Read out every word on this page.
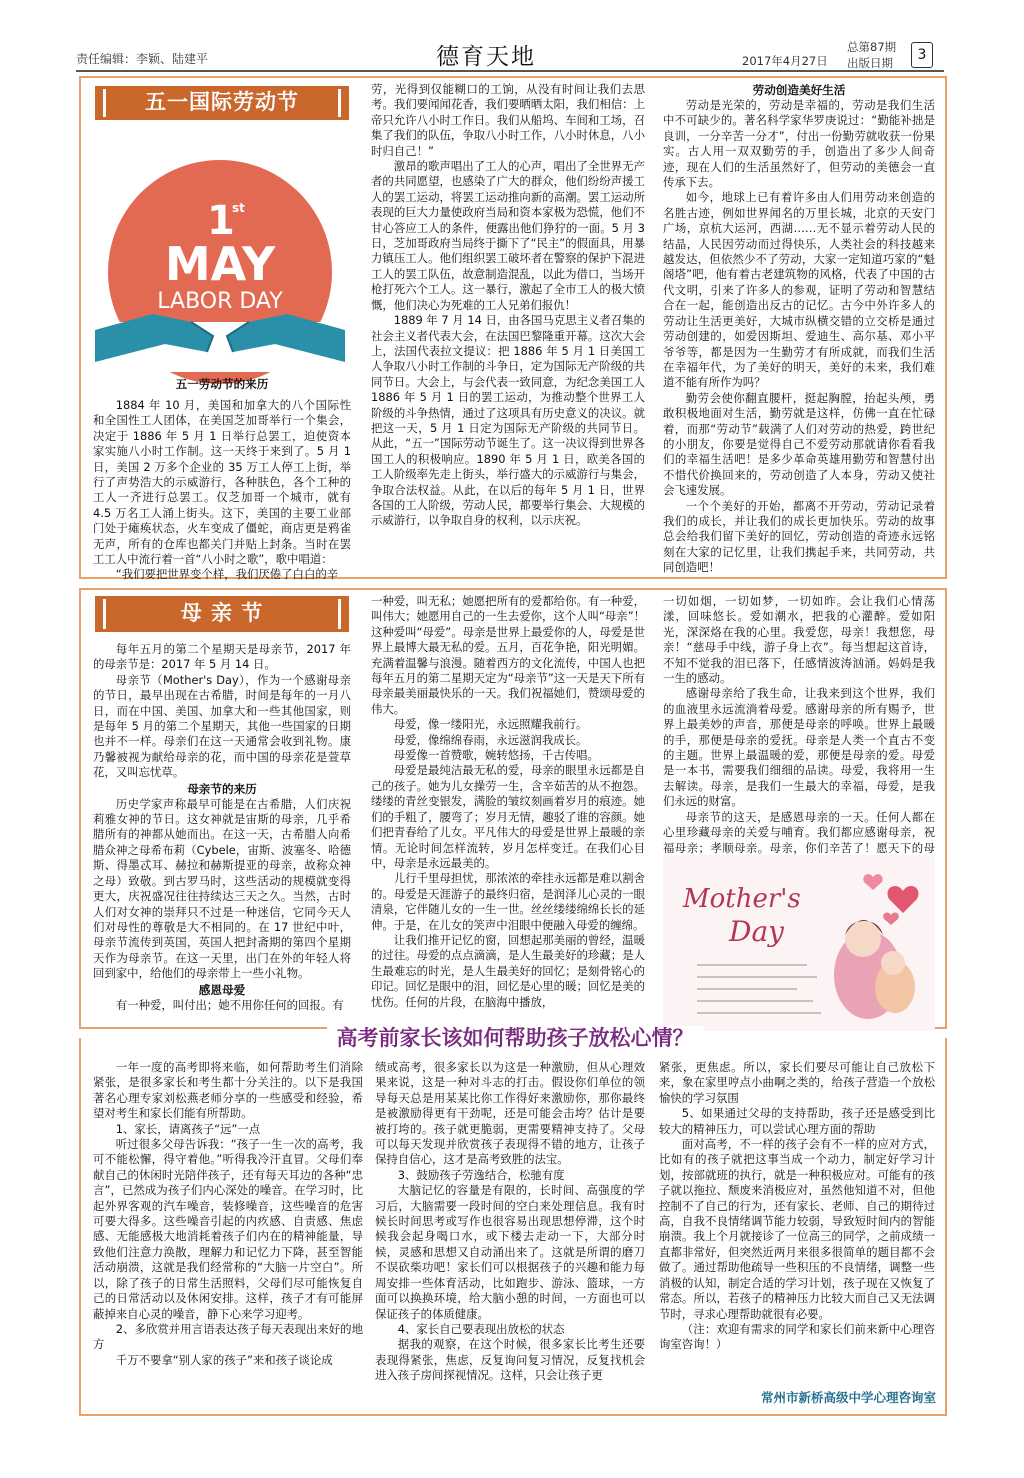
责任编辑：李颖、陆建平	德育天地	2017年4月27日
总第87期
出版日期	3
五一国际劳动节
1
st
MAY
LABOR DAY

五一劳动节的来历

1884 年 10 月，美国和加拿大的八个国际性和全国性工人团体，在美国芝加哥举行一个集会，决定于 1886 年 5 月 1 日举行总罢工，迫使资本家实施八小时工作制。这一天终于来到了。5 月 1 日，美国 2 万多个企业的 35 万工人停工上街，举行了声势浩大的示威游行，各种肤色，各个工种的工人一齐进行总罢工。仅芝加哥一个城市，就有 4.5 万名工人涌上街头。这下，美国的主要工业部门处于瘫痪状态，火车变成了僵蛇，商店更是鸦雀无声，所有的仓库也都关门并贴上封条。当时在罢工工人中流行着一首“八小时之歌”，歌中唱道：

“我们要把世界变个样，我们厌倦了白白的辛

劳，光得到仅能糊口的工饷，从没有时间让我们去思考。我们要闻闻花香，我们要晒晒太阳，我们相信：上帝只允许八小时工作日。我们从船坞、车间和工场，召集了我们的队伍，争取八小时工作，八小时休息，八小时归自己！”

激昂的歌声唱出了工人的心声，唱出了全世界无产者的共同愿望，也感染了广大的群众，他们纷纷声援工人的罢工运动，将罢工运动推向新的高潮。罢工运动所表现的巨大力量使政府当局和资本家极为恐慌，他们不甘心答应工人的条件，便露出他们狰狞的一面。5 月 3 日，芝加哥政府当局终于撕下了“民主”的假面具，用暴力镇压工人。他们组织罢工破坏者在警察的保护下混进工人的罢工队伍，故意制造混乱，以此为借口，当场开枪打死六个工人。这一暴行，激起了全市工人的极大愤慨，他们决心为死难的工人兄弟们报仇！

1889 年 7 月 14 日，由各国马克思主义者召集的社会主义者代表大会，在法国巴黎隆重开幕。这次大会上，法国代表拉文提议：把 1886 年 5 月 1 日美国工人争取八小时工作制的斗争日，定为国际无产阶级的共同节日。大会上，与会代表一致同意，为纪念美国工人 1886 年 5 月 1 日的罢工运动，为推动整个世界工人阶级的斗争热情，通过了这项具有历史意义的决议。就把这一天，5 月 1 日定为国际无产阶级的共同节日。从此，“五一”国际劳动节诞生了。这一决议得到世界各国工人的积极响应。1890 年 5 月 1 日，欧美各国的工人阶级率先走上街头，举行盛大的示威游行与集会，争取合法权益。从此，在以后的每年 5 月 1 日，世界各国的工人阶级，劳动人民，都要举行集会、大规模的示威游行，以争取自身的权利，以示庆祝。

劳动创造美好生活

劳动是光荣的，劳动是幸福的，劳动是我们生活中不可缺少的。著名科学家华罗庚说过：“勤能补拙是良训，一分辛苦一分才”，付出一份勤劳就收获一份果实。古人用一双双勤劳的手，创造出了多少人间奇迹，现在人们的生活虽然好了，但劳动的美德会一直传承下去。

如今，地球上已有着许多由人们用劳动来创造的名胜古迹，例如世界闻名的万里长城，北京的天安门广场，京杭大运河，西湖……无不显示着劳动人民的结晶，人民因劳动而过得快乐，人类社会的科技越来越发达，但依然少不了劳动，大家一定知道巧家的“魁阁塔”吧，他有着古老建筑物的风格，代表了中国的古代文明，引来了许多人的参观，证明了劳动和智慧结合在一起，能创造出反古的记忆。古今中外许多人的劳动让生活更美好，大城市纵横交错的立交桥是通过劳动创建的，如爱因斯坦、爱迪生、高尔基、邓小平爷爷等，都是因为一生勤劳才有所成就，而我们生活在幸福年代，为了美好的明天，美好的未来，我们难道不能有所作为吗？

勤劳会使你翻直腰杆，挺起胸膛，抬起头颅，勇敢积极地面对生活，勤劳就是这样，仿佛一直在忙碌着，而那“劳动节”载满了人们对劳动的热爱，跨世纪的小朋友，你要是觉得自己不爱劳动那就请你看看我们的幸福生活吧！是多少革命英雄用勤劳和智慧付出不惜代价换回来的，劳动创造了人本身，劳动又使社会飞速发展。

一个个美好的开始，都离不开劳动，劳动记录着我们的成长，并让我们的成长更加快乐。劳动的故事总会给我们留下美好的回忆，劳动创造的奇迹永远铭刻在大家的记忆里，让我们携起手来，共同劳动，共同创造吧！

母 亲 节

每年五月的第二个星期天是母亲节，2017 年的母亲节是：2017 年 5 月 14 日。

母亲节（Mother's Day），作为一个感谢母亲的节日，最早出现在古希腊，时间是每年的一月八日，而在中国、美国、加拿大和一些其他国家，则是每年 5 月的第二个星期天，其他一些国家的日期也并不一样。母亲们在这一天通常会收到礼物。康乃馨被视为献给母亲的花，而中国的母亲花是萱草花，又叫忘忧草。

母亲节的来历

历史学家声称最早可能是在古希腊，人们庆祝莉雅女神的节日。这女神就是宙斯的母亲，几乎希腊所有的神都从她而出。在这一天，古希腊人向希腊众神之母希布莉（Cybele，宙斯、波塞冬、哈德斯、得墨忒耳、赫拉和赫斯提亚的母亲，故称众神之母）致敬。到古罗马时，这些活动的规模就变得更大，庆祝盛况往往持续达三天之久。当然，古时人们对女神的崇拜只不过是一种迷信，它同今天人们对母性的尊敬是大不相同的。在 17 世纪中叶，母亲节流传到英国，英国人把封斋期的第四个星期天作为母亲节。在这一天里，出门在外的年轻人将回到家中，给他们的母亲带上一些小礼物。

感恩母爱

有一种爱，叫付出；她不用你任何的回报。有

一种爱，叫无私；她愿把所有的爱都给你。有一种爱，叫伟大；她愿用自己的一生去爱你，这个人叫“母亲”！这种爱叫“母爱”。母亲是世界上最爱你的人，母爱是世界上最博大最无私的爱。五月，百花争艳，阳光明媚。充满着温馨与浪漫。随着西方的文化流传，中国人也把每年五月的第二星期天定为“母亲节”这一天是天下所有母亲最美丽最快乐的一天。我们祝福她们，赞颂母爱的伟大。

母爱，像一缕阳光，永远照耀我前行。

母爱，像绵绵春雨，永远滋润我成长。

母爱像一首赞歌，婉转悠扬，千古传唱。

母爱是最纯洁最无私的爱，母亲的眼里永远都是自己的孩子。她为儿女操劳一生，含辛茹苦的从不抱怨。缕缕的青丝变银发，满脸的皱纹刻画着岁月的痕迹。她们的手粗了，腰弯了；岁月无情，趣驳了谁的容颜。她们把青春给了儿女。平凡伟大的母爱是世界上最暖的亲情。无论时间怎样流转，岁月怎样变迁。在我们心目中，母亲是永远最美的。

儿行千里母担忧，那浓浓的牵挂永远都是难以割舍的。母爱是天涯游子的最终归宿，是润泽儿心灵的一眼清泉，它伴随儿女的一生一世。丝丝缕缕绵绵长长的延伸。于是，在儿女的笑声中泪眼中便融入母爱的缠绵。

让我们推开记忆的窗，回想起那美丽的曾经，温暖的过往。母爱的点点滴滴，是人生最美好的珍藏；是人生最难忘的时光，是人生最美好的回忆；是刻骨铭心的印记。回忆是眼中的泪，回忆是心里的暖；回忆是美的忧伤。任何的片段，在脑海中播放，

一切如烟，一切如梦，一切如昨。会让我们心情荡漾，回味悠长。爱如潮水，把我的心灌醉。爱如阳光，深深烙在我的心里。我爱您，母亲！我想您，母亲！“慈母手中线，游子身上衣”。每当想起这首诗，不知不觉我的泪已落下，任感情波涛汹涌。妈妈是我一生的感动。

感谢母亲给了我生命，让我来到这个世界，我们的血液里永远流淌着母爱。感谢母亲的所有赐予，世界上最美妙的声音，那便是母亲的呼唤。世界上最暖的手，那便是母亲的爱抚。母亲是人类一个直古不变的主题。世界上最温暖的爱，那便是母亲的爱。母爱是一本书，需要我们细细的品读。母爱，我将用一生去解读。母亲，是我们一生最大的幸福，母爱，是我们永远的财富。

母亲节的这天，是感恩母亲的一天。任何人都在心里珍藏母亲的关爱与哺育。我们都应感谢母亲，祝福母亲；孝顺母亲。母亲，你们辛苦了！愿天下的母

Mother's
Day
高考前家长该如何帮助孩子放松心情？

一年一度的高考即将来临，如何帮助考生们消除紧张，是很多家长和考生都十分关注的。以下是我国著名心理专家刘松燕老师分享的一些感受和经验，希望对考生和家长们能有所帮助。

1、家长，请离孩子“远”一点

听过很多父母告诉我：“孩子一生一次的高考，我可不能松懈，得守着他。”听得我冷汗直冒。父母们奉献自己的休闲时光陪伴孩子，还有每天耳边的各种“忠言”，已然成为孩子们内心深处的噪音。在学习时，比起外界客观的汽车噪音，装修噪音，这些噪音的危害可要大得多。这些噪音引起的内疚感、自责感、焦虑感、无能感极大地消耗着孩子们内在的精神能量，导致他们注意力涣散，理解力和记忆力下降，甚至智能活动崩溃，这就是我们经常称的“大脑一片空白”。所以，除了孩子的日常生活照料，父母们尽可能恢复自己的日常活动以及休闲安排。这样，孩子才有可能屏蔽掉来自心灵的噪音，静下心来学习迎考。

2、多欣赏并用言语表达孩子每天表现出来好的地方

千万不要拿“别人家的孩子”来和孩子谈论成

绩或高考，很多家长以为这是一种激励，但从心理效果来说，这是一种对斗志的打击。假设你们单位的领导每天总是用某某比你工作得好来激励你，那你最终是被激励得更有干劲呢，还是可能会击垮？估计是要被打垮的。孩子就更脆弱，更需要精神支持了。父母可以每天发现并欣赏孩子表现得不错的地方，让孩子保持自信心，这才是高考致胜的法宝。

3、鼓励孩子劳逸结合，松驰有度

大脑记忆的容量是有限的，长时间、高强度的学习后，大脑需要一段时间的空白来处理信息。我有时候长时间思考或写作也很容易出现思想停滞，这个时候我会起身喝口水，或下楼去走动一下，大部分时候，灵感和思想又自动涌出来了。这就是所谓的磨刀不误砍柴功吧！家长们可以根据孩子的兴趣和能力每周安排一些体育活动，比如跑步、游泳、篮球，一方面可以换换环境，给大脑小憩的时间，一方面也可以保证孩子的体质健康。

4、家长自己要表现出放松的状态

据我的观察，在这个时候，很多家长比考生还要表现得紧张，焦虑，反复询问复习情况，反复找机会进入孩子房间探视情况。这样，只会让孩子更

紧张，更焦虑。所以，家长们要尽可能让自己放松下来，象在家里哼点小曲啊之类的，给孩子营造一个放松愉快的学习氛围

5、如果通过父母的支持帮助，孩子还是感受到比较大的精神压力，可以尝试心理方面的帮助

面对高考，不一样的孩子会有不一样的应对方式，比如有的孩子就把这事当成一个动力，制定好学习计划，按部就班的执行，就是一种积极应对。可能有的孩子就以拖拉、颓废来消极应对，虽然他知道不对，但他控制不了自己的行为，还有家长、老师、自己的期待过高，自我不良情绪调节能力较弱，导致短时间内的智能崩溃。我上个月就接诊了一位高三的同学，之前成绩一直都非常好，但突然近两月来很多很简单的题目都不会做了。通过帮助他疏导一些积压的不良情绪，调整一些消极的认知，制定合适的学习计划，孩子现在又恢复了常态。所以，若孩子的精神压力比较大而自己又无法调节时，寻求心理帮助就很有必要。

（注：欢迎有需求的同学和家长们前来新中心理咨询室咨询！）

常州市新桥高级中学心理咨询室
